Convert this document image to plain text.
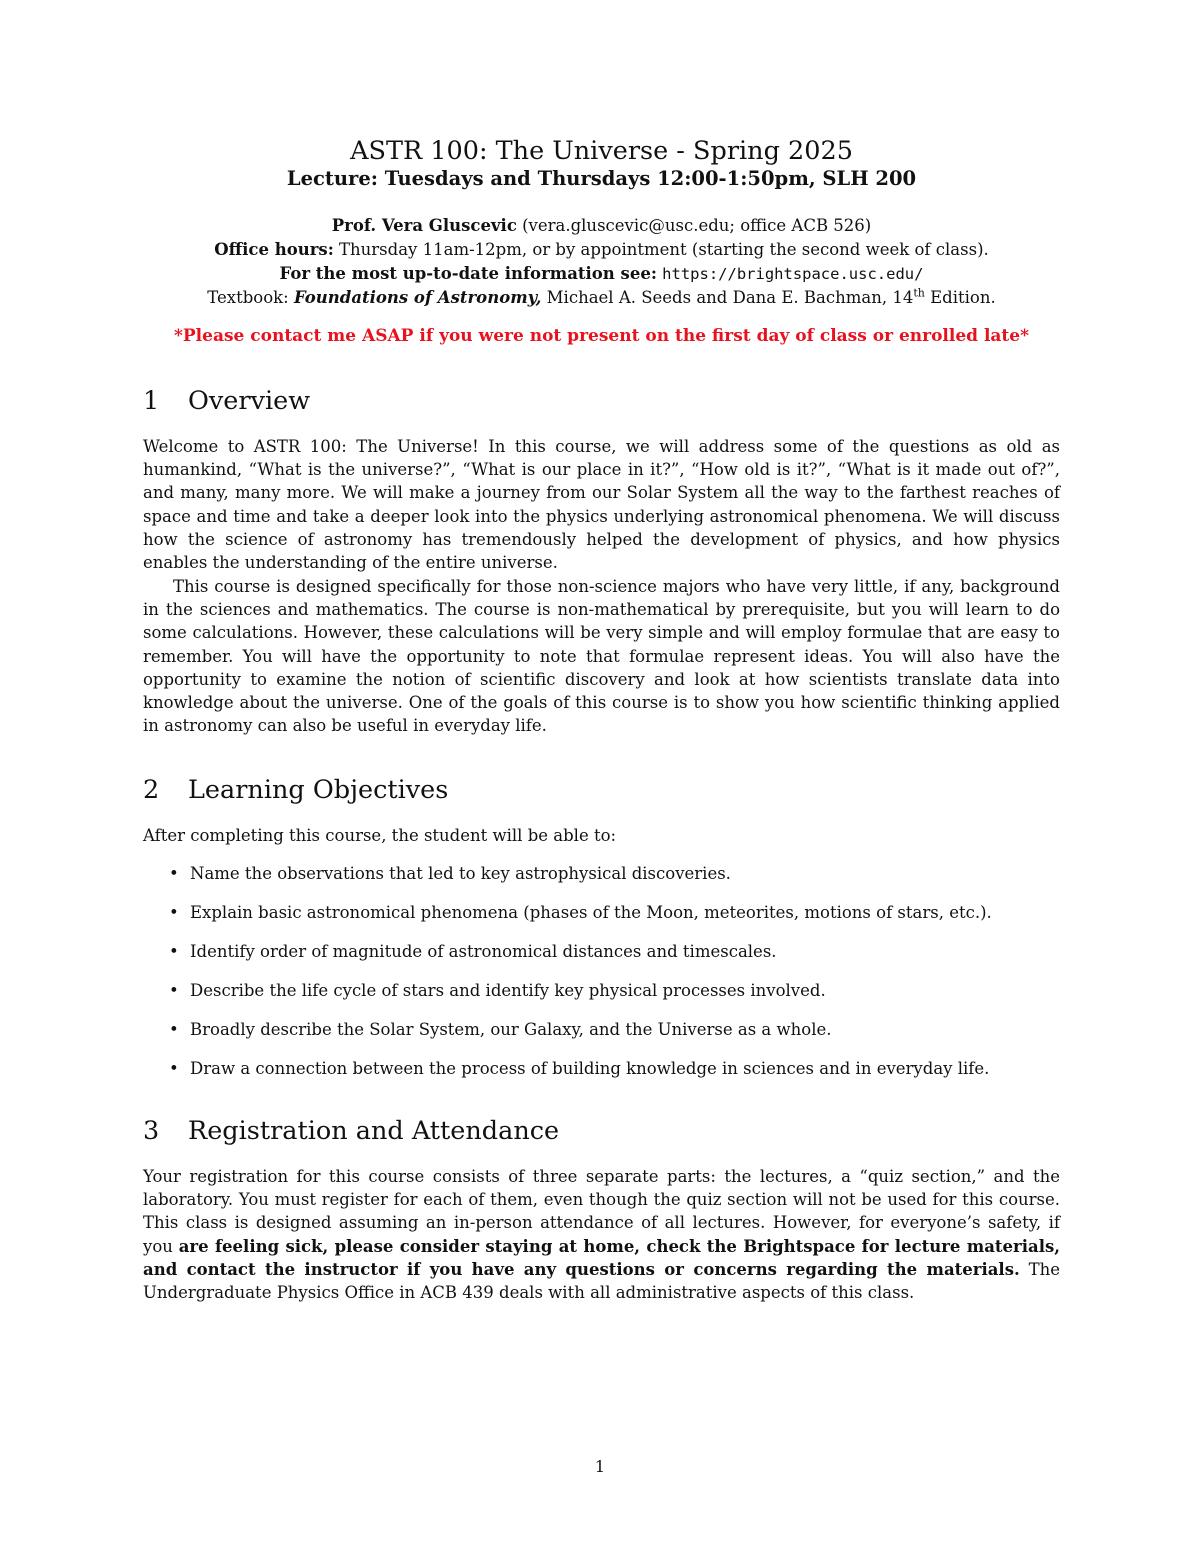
ASTR 100: The Universe - Spring 2025
Lecture: Tuesdays and Thursdays 12:00-1:50pm, SLH 200
Prof. Vera Gluscevic (vera.gluscevic@usc.edu; office ACB 526)
Office hours: Thursday 11am-12pm, or by appointment (starting the second week of class).
For the most up-to-date information see: https://brightspace.usc.edu/
Textbook: Foundations of Astronomy, Michael A. Seeds and Dana E. Bachman, 14th Edition.
*Please contact me ASAP if you were not present on the first day of class or enrolled late*
1 Overview

Welcome to ASTR 100: The Universe! In this course, we will address some of the questions as old as humankind, “What is the universe?”, “What is our place in it?”, “How old is it?”, “What is it made out of?”, and many, many more. We will make a journey from our Solar System all the way to the farthest reaches of space and time and take a deeper look into the physics underlying astronomical phenomena. We will discuss how the science of astronomy has tremendously helped the development of physics, and how physics enables the understanding of the entire universe.

This course is designed specifically for those non-science majors who have very little, if any, background in the sciences and mathematics. The course is non-mathematical by prerequisite, but you will learn to do some calculations. However, these calculations will be very simple and will employ formulae that are easy to remember. You will have the opportunity to note that formulae represent ideas. You will also have the opportunity to examine the notion of scientific discovery and look at how scientists translate data into knowledge about the universe. One of the goals of this course is to show you how scientific thinking applied in astronomy can also be useful in everyday life.

2 Learning Objectives

After completing this course, the student will be able to:

• Name the observations that led to key astrophysical discoveries.
• Explain basic astronomical phenomena (phases of the Moon, meteorites, motions of stars, etc.).
• Identify order of magnitude of astronomical distances and timescales.
• Describe the life cycle of stars and identify key physical processes involved.
• Broadly describe the Solar System, our Galaxy, and the Universe as a whole.
• Draw a connection between the process of building knowledge in sciences and in everyday life.
3 Registration and Attendance

Your registration for this course consists of three separate parts: the lectures, a “quiz section,” and the laboratory. You must register for each of them, even though the quiz section will not be used for this course. This class is designed assuming an in-person attendance of all lectures. However, for everyone’s safety, if you are feeling sick, please consider staying at home, check the Brightspace for lecture materials, and contact the instructor if you have any questions or concerns regarding the materials. The Undergraduate Physics Office in ACB 439 deals with all administrative aspects of this class.

1
